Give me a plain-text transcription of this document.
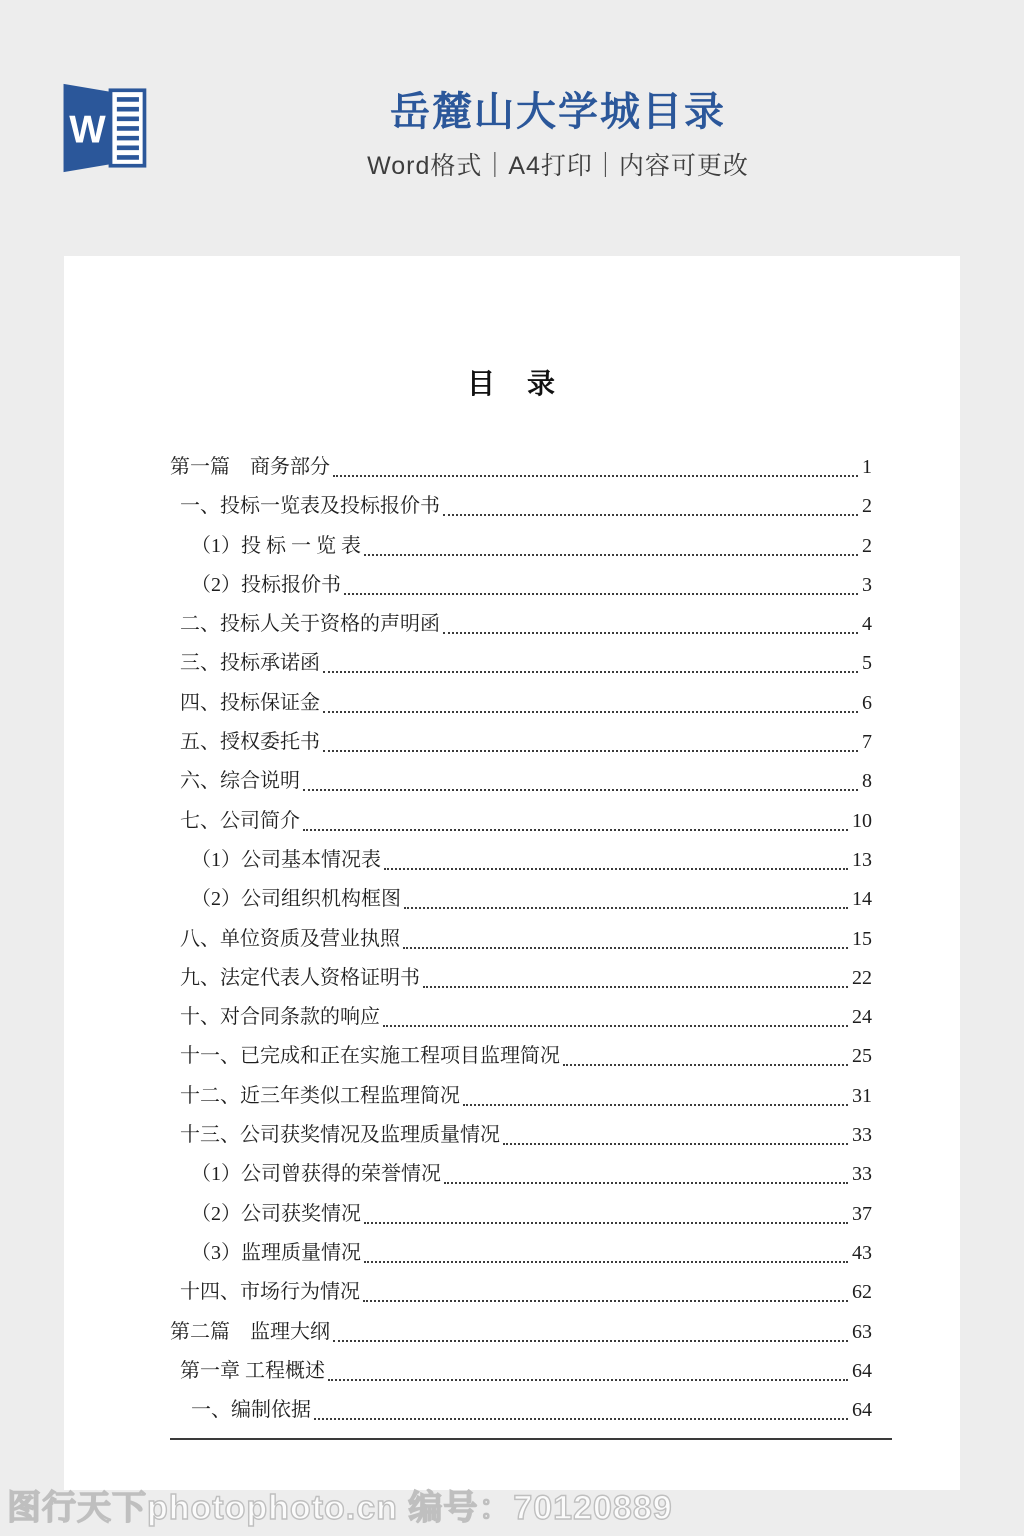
W	岳麓山大学城目录
Word格式｜A4打印｜内容可更改
目　录
第一篇　商务部分	1
一、投标一览表及投标报价书	2
（1）投 标 一 览 表	2
（2）投标报价书	3
二、投标人关于资格的声明函	4
三、投标承诺函	5
四、投标保证金	6
五、授权委托书	7
六、综合说明	8
七、公司简介	10
（1）公司基本情况表	13
（2）公司组织机构框图	14
八、单位资质及营业执照	15
九、法定代表人资格证明书	22
十、对合同条款的响应	24
十一、已完成和正在实施工程项目监理简况	25
十二、近三年类似工程监理简况	31
十三、公司获奖情况及监理质量情况	33
（1）公司曾获得的荣誉情况	33
（2）公司获奖情况	37
（3）监理质量情况	43
十四、市场行为情况	62
第二篇　监理大纲	63
第一章 工程概述	64
一、编制依据	64
图行天下photophoto.cn 编号：70120889
